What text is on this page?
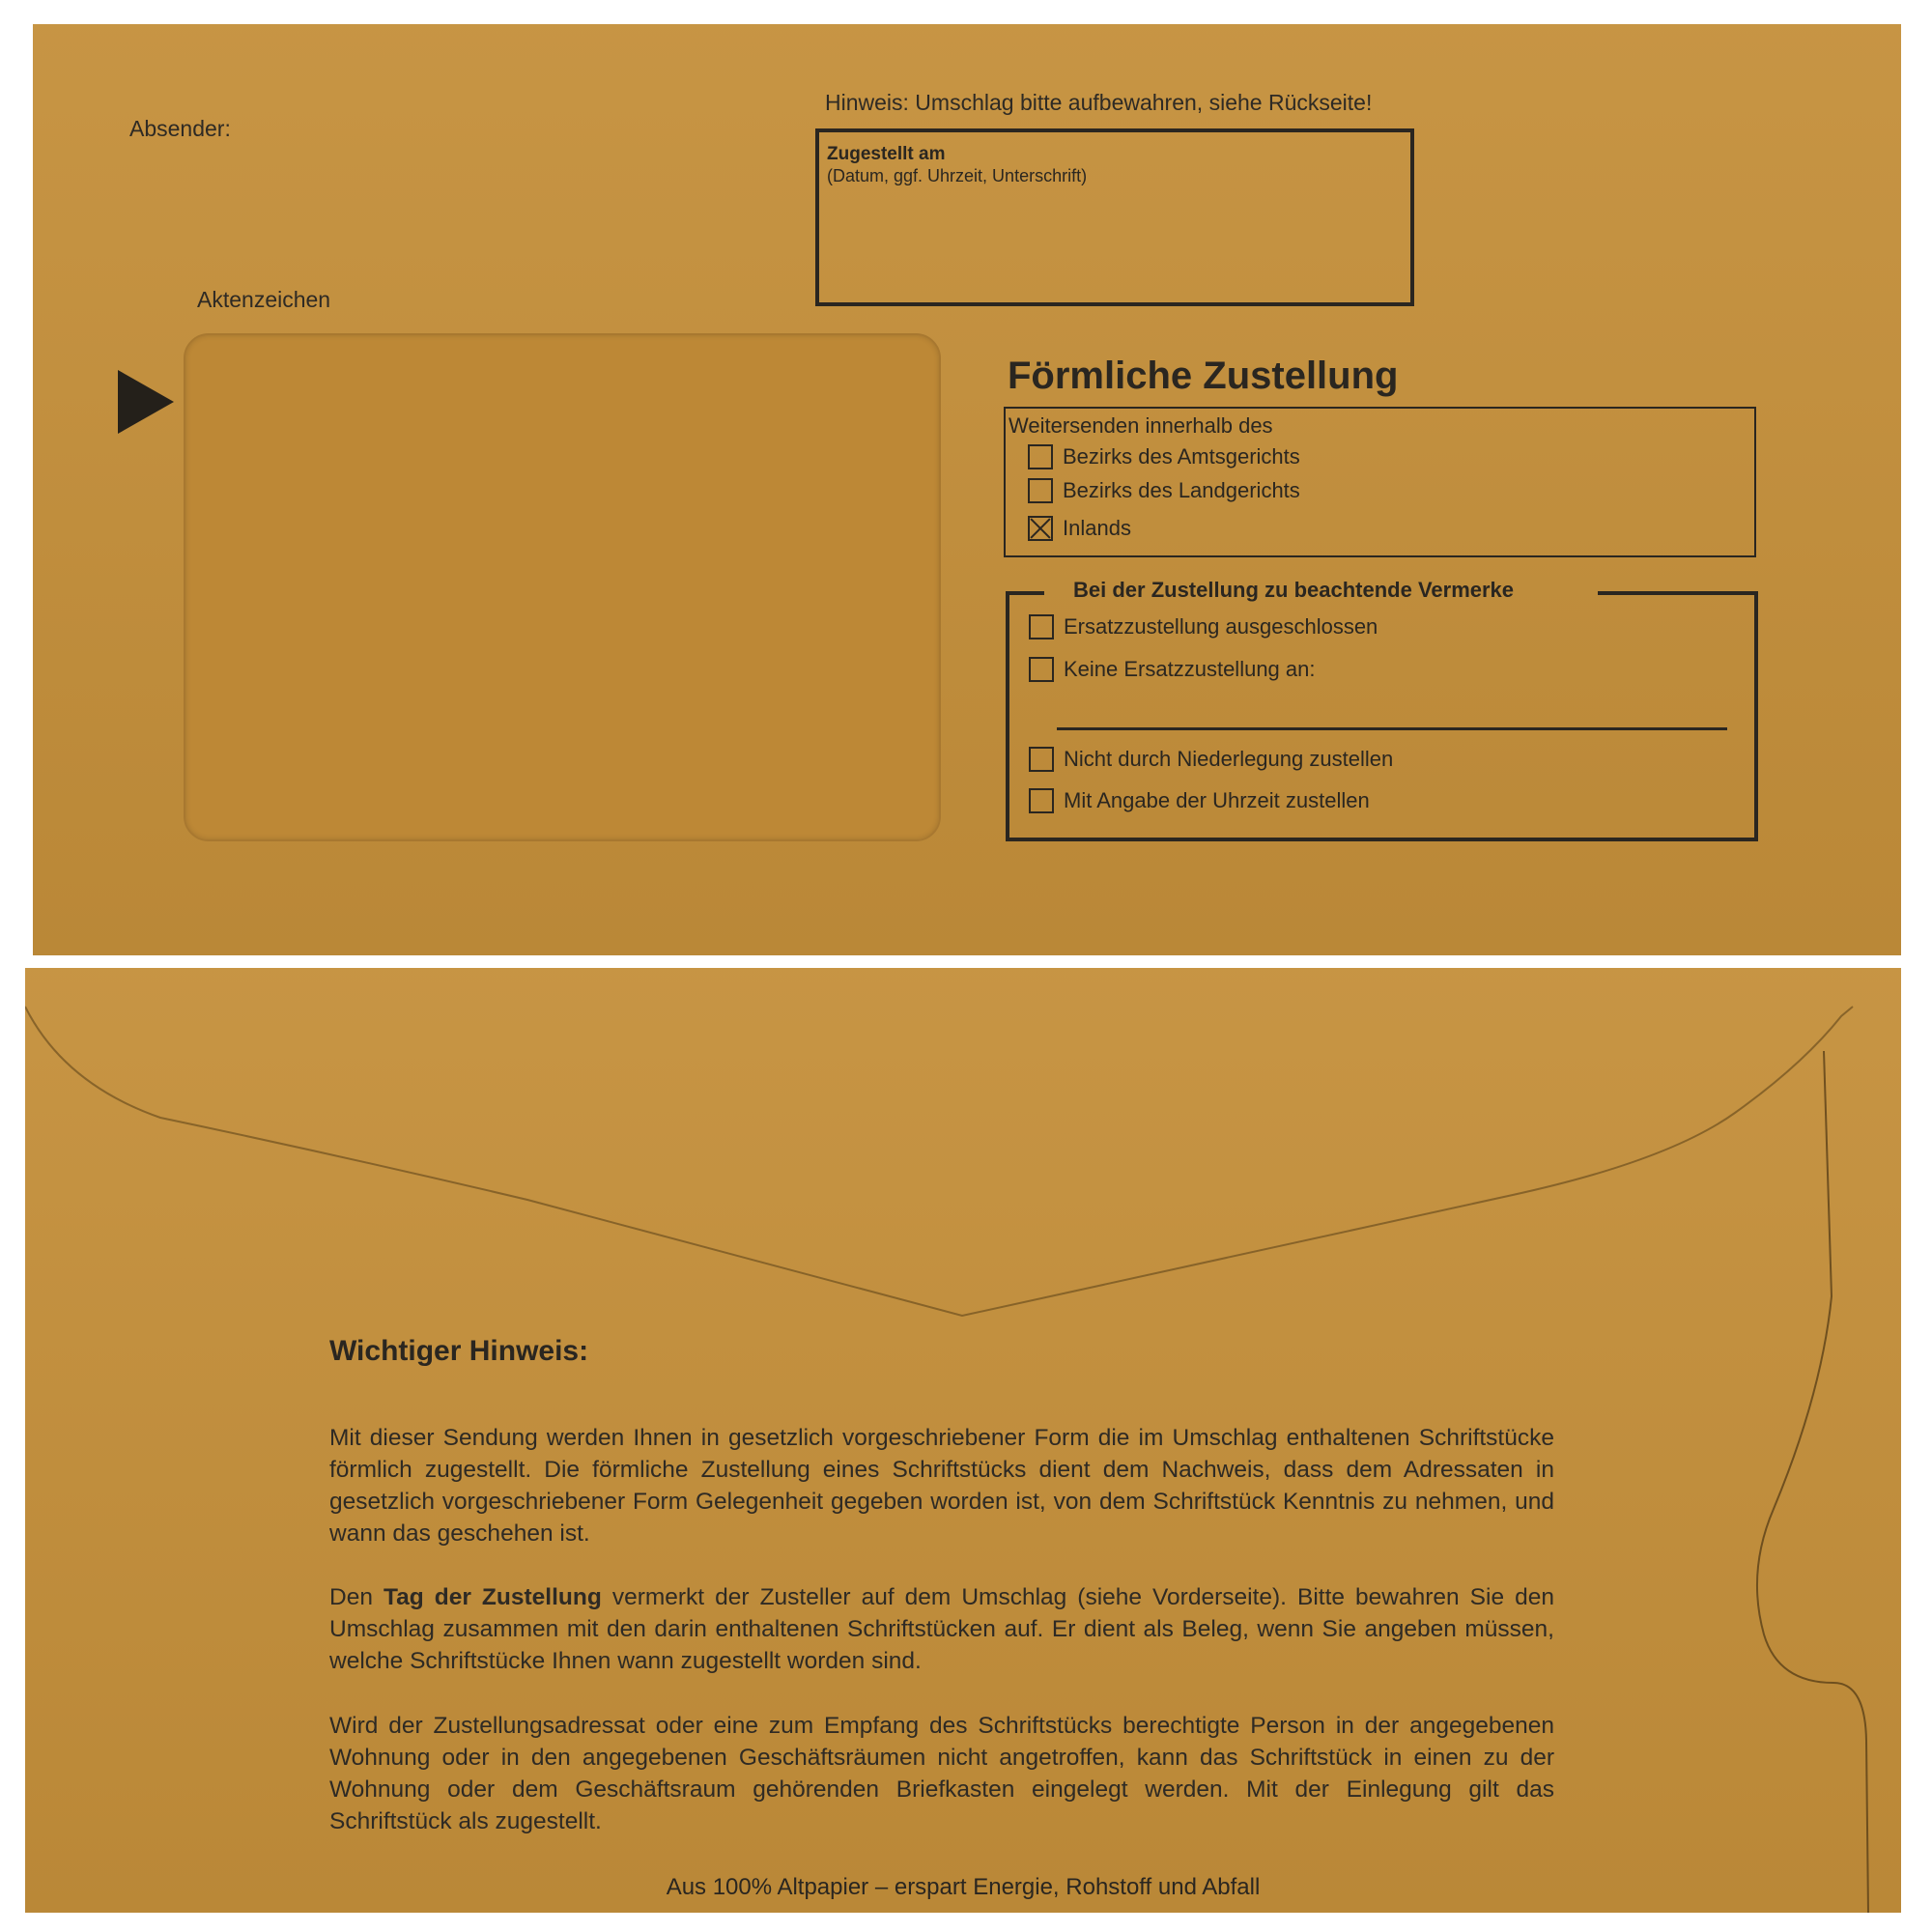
Absender:
Aktenzeichen
Hinweis: Umschlag bitte aufbewahren, siehe Rückseite!
Zugestellt am
(Datum, ggf. Uhrzeit, Unterschrift)
Förmliche Zustellung
Weitersenden innerhalb des
Bezirks des Amtsgerichts
Bezirks des Landgerichts
Inlands
Bei der Zustellung zu beachtende Vermerke
Ersatzzustellung ausgeschlossen
Keine Ersatzzustellung an:
Nicht durch Niederlegung zustellen
Mit Angabe der Uhrzeit zustellen
Wichtiger Hinweis:
Mit dieser Sendung werden Ihnen in gesetzlich vorgeschriebener Form die im Umschlag enthaltenen Schriftstücke förmlich zugestellt. Die förmliche Zustellung eines Schriftstücks dient dem Nachweis, dass dem Adressaten in gesetzlich vorgeschriebener Form Gelegenheit gegeben worden ist, von dem Schriftstück Kenntnis zu nehmen, und wann das geschehen ist.
Den Tag der Zustellung vermerkt der Zusteller auf dem Umschlag (siehe Vorderseite). Bitte bewahren Sie den Umschlag zusammen mit den darin enthaltenen Schriftstücken auf. Er dient als Beleg, wenn Sie angeben müssen, welche Schriftstücke Ihnen wann zugestellt worden sind.
Wird der Zustellungsadressat oder eine zum Empfang des Schriftstücks berechtigte Person in der angegebenen Wohnung oder in den angegebenen Geschäftsräumen nicht angetroffen, kann das Schriftstück in einen zu der Wohnung oder dem Geschäftsraum gehörenden Briefkasten eingelegt werden. Mit der Einlegung gilt das Schriftstück als zugestellt.
Aus 100% Altpapier – erspart Energie, Rohstoff und Abfall
